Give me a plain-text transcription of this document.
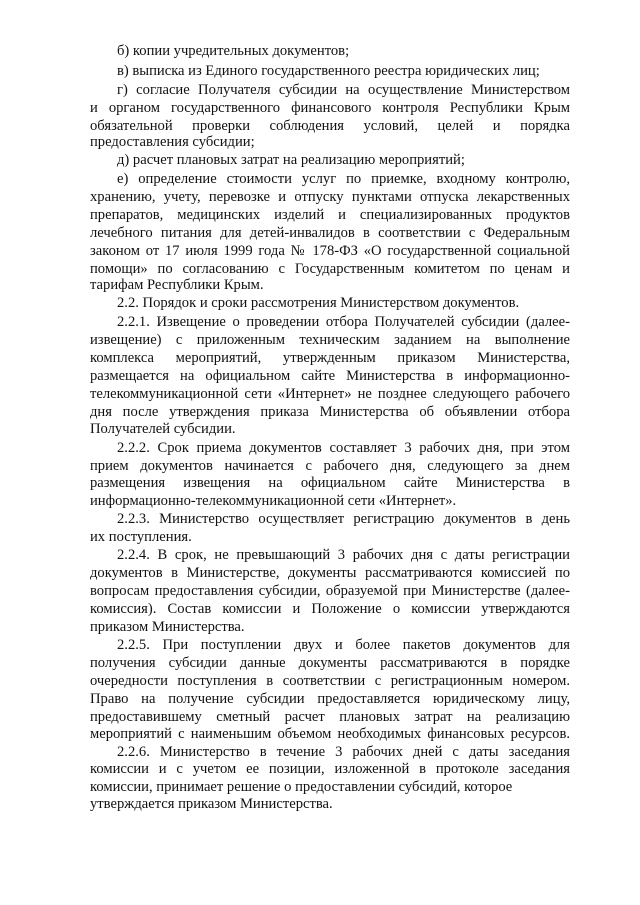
б) копии учредительных документов;
в) выписка из Единого государственного реестра юридических лиц;
г) согласие Получателя субсидии на осуществление Министерством
и органом государственного финансового контроля Республики Крым
обязательной проверки соблюдения условий, целей и порядка
предоставления субсидии;
д) расчет плановых затрат на реализацию мероприятий;
е) определение стоимости услуг по приемке, входному контролю,
хранению, учету, перевозке и отпуску пунктами отпуска лекарственных
препаратов, медицинских изделий и специализированных продуктов
лечебного питания для детей-инвалидов в соответствии с Федеральным
законом от 17 июля 1999 года № 178-ФЗ «О государственной социальной
помощи» по согласованию с Государственным комитетом по ценам и
тарифам Республики Крым.
2.2. Порядок и сроки рассмотрения Министерством документов.
2.2.1. Извещение о проведении отбора Получателей субсидии (далее-
извещение) с приложенным техническим заданием на выполнение
комплекса мероприятий, утвержденным приказом Министерства,
размещается на официальном сайте Министерства в информационно-
телекоммуникационной сети «Интернет» не позднее следующего рабочего
дня после утверждения приказа Министерства об объявлении отбора
Получателей субсидии.
2.2.2. Срок приема документов составляет 3 рабочих дня, при этом
прием документов начинается с рабочего дня, следующего за днем
размещения извещения на официальном сайте Министерства в
информационно-телекоммуникационной сети «Интернет».
2.2.3. Министерство осуществляет регистрацию документов в день
их поступления.
2.2.4. В срок, не превышающий 3 рабочих дня с даты регистрации
документов в Министерстве, документы рассматриваются комиссией по
вопросам предоставления субсидии, образуемой при Министерстве (далее-
комиссия). Состав комиссии и Положение о комиссии утверждаются
приказом Министерства.
2.2.5. При поступлении двух и более пакетов документов для
получения субсидии данные документы рассматриваются в порядке
очередности поступления в соответствии с регистрационным номером.
Право на получение субсидии предоставляется юридическому лицу,
предоставившему сметный расчет плановых затрат на реализацию
мероприятий с наименьшим объемом необходимых финансовых ресурсов.
2.2.6. Министерство в течение 3 рабочих дней с даты заседания
комиссии и с учетом ее позиции, изложенной в протоколе заседания
комиссии, принимает решение о предоставлении субсидий, которое
утверждается приказом Министерства.
